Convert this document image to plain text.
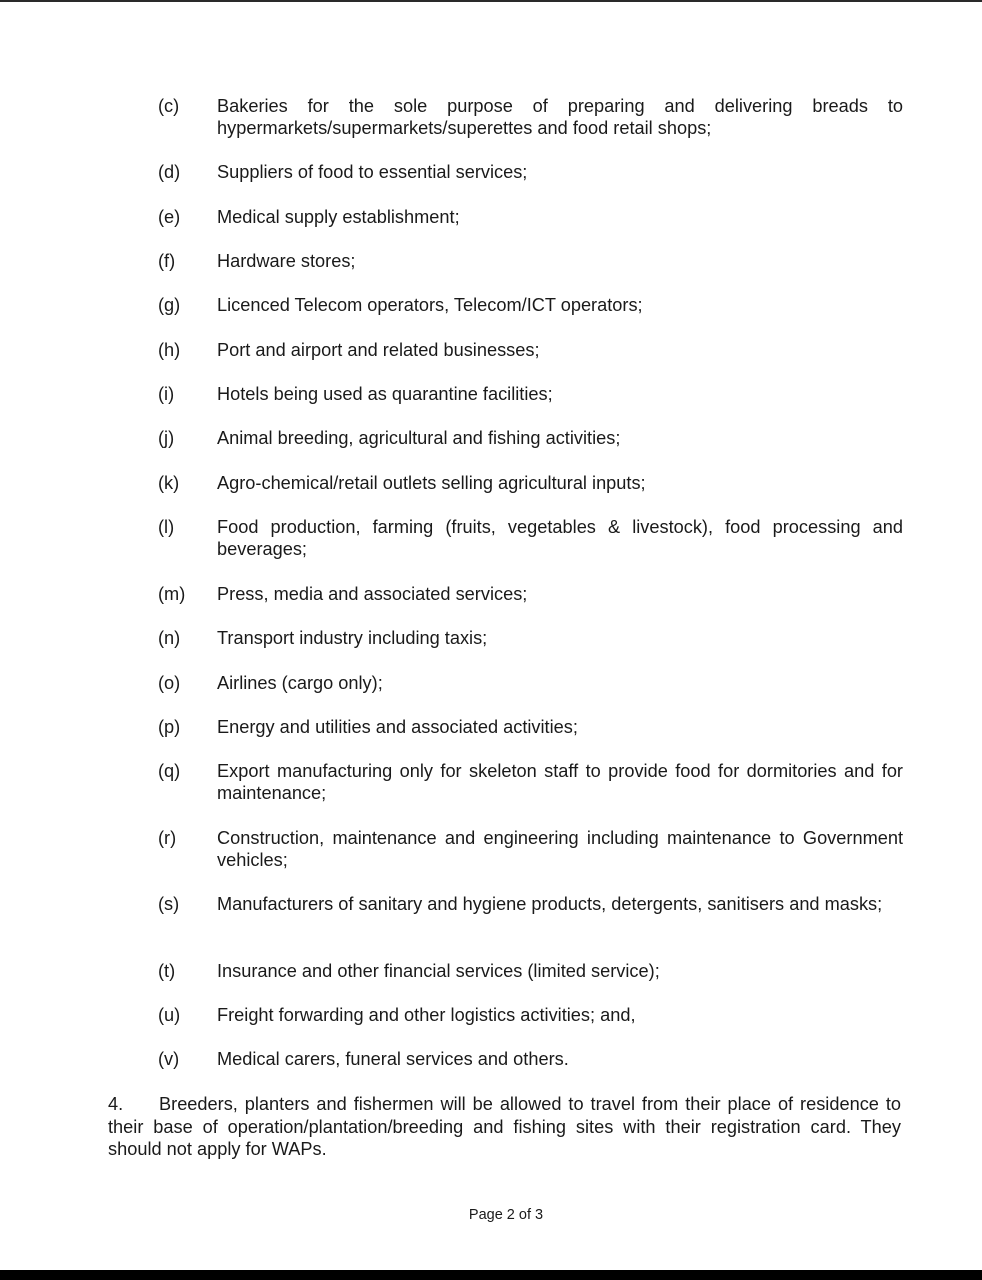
(c) Bakeries for the sole purpose of preparing and delivering breads to hypermarkets/supermarkets/superettes and food retail shops;
(d) Suppliers of food to essential services;
(e) Medical supply establishment;
(f) Hardware stores;
(g) Licenced Telecom operators, Telecom/ICT operators;
(h) Port and airport and related businesses;
(i) Hotels being used as quarantine facilities;
(j) Animal breeding, agricultural and fishing activities;
(k) Agro-chemical/retail outlets selling agricultural inputs;
(l) Food production, farming (fruits, vegetables & livestock), food processing and beverages;
(m) Press, media and associated services;
(n) Transport industry including taxis;
(o) Airlines (cargo only);
(p) Energy and utilities and associated activities;
(q) Export manufacturing only for skeleton staff to provide food for dormitories and for maintenance;
(r) Construction, maintenance and engineering including maintenance to Government vehicles;
(s) Manufacturers of sanitary and hygiene products, detergents, sanitisers and masks;
(t) Insurance and other financial services (limited service);
(u) Freight forwarding and other logistics activities; and,
(v) Medical carers, funeral services and others.
4. Breeders, planters and fishermen will be allowed to travel from their place of residence to their base of operation/plantation/breeding and fishing sites with their registration card. They should not apply for WAPs.
Page 2 of 3
